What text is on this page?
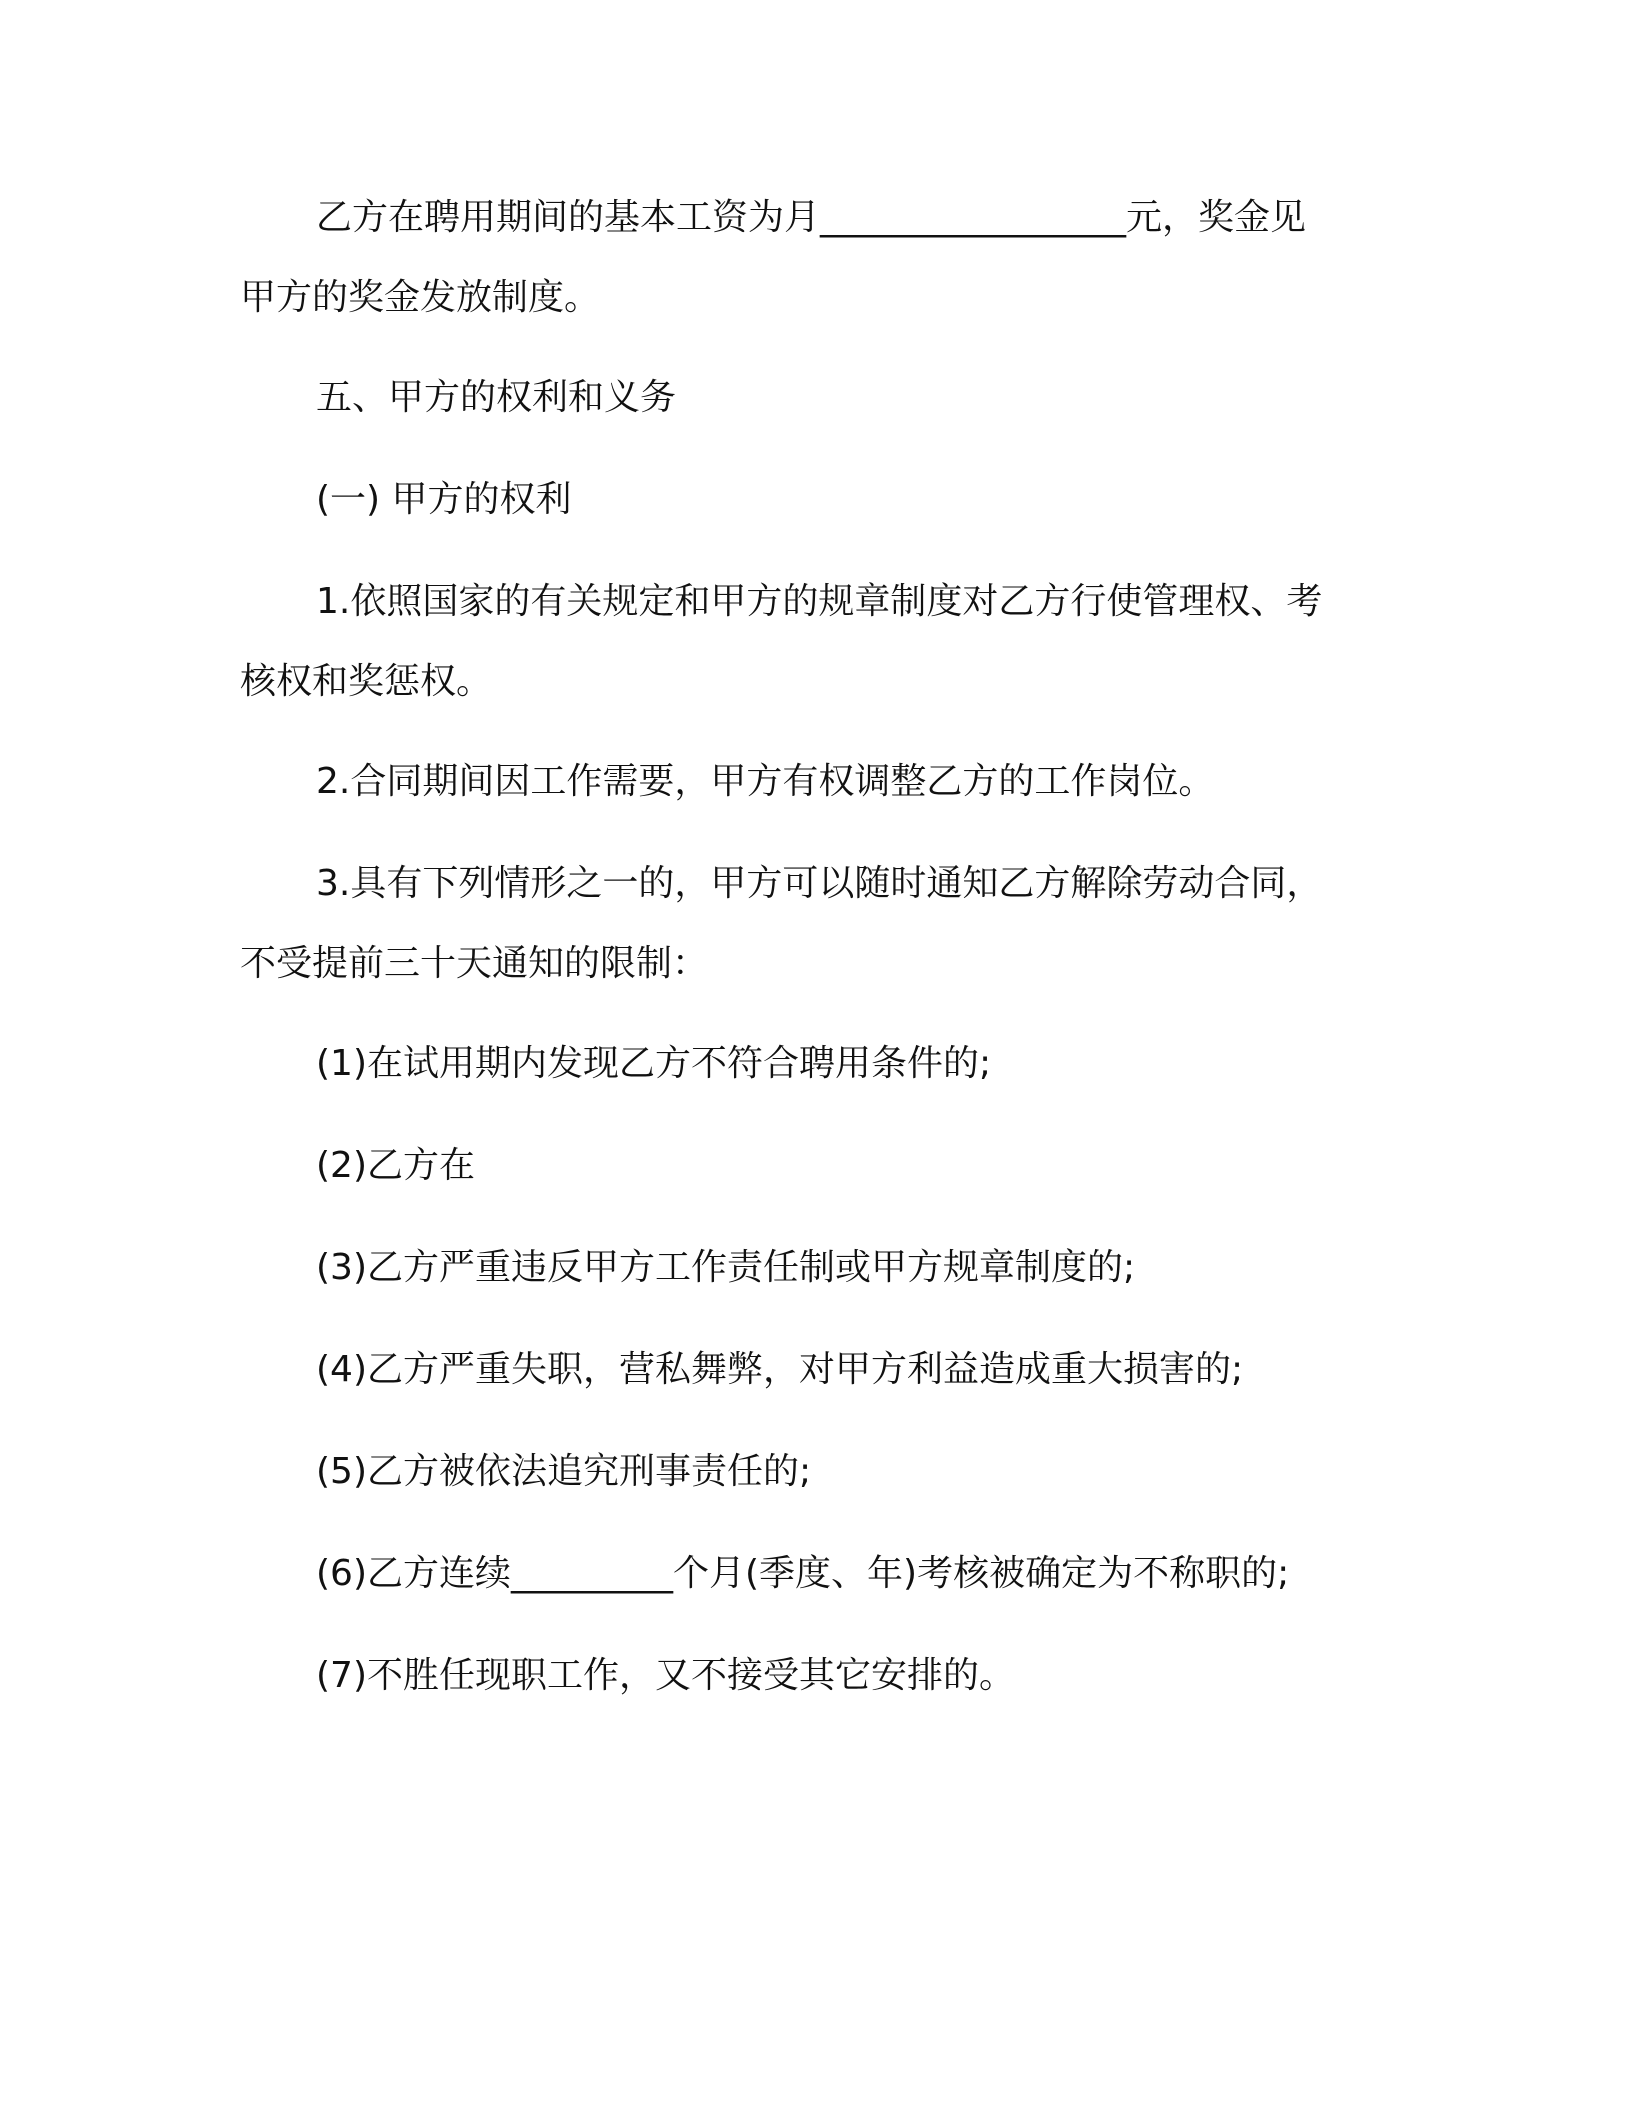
乙方在聘用期间的基本工资为月_________________元，奖金见
甲方的奖金发放制度。
五、甲方的权利和义务
(一) 甲方的权利
1.依照国家的有关规定和甲方的规章制度对乙方行使管理权、考
核权和奖惩权。
2.合同期间因工作需要，甲方有权调整乙方的工作岗位。
3.具有下列情形之一的，甲方可以随时通知乙方解除劳动合同，
不受提前三十天通知的限制：
(1)在试用期内发现乙方不符合聘用条件的;
(2)乙方在
(3)乙方严重违反甲方工作责任制或甲方规章制度的;
(4)乙方严重失职，营私舞弊，对甲方利益造成重大损害的;
(5)乙方被依法追究刑事责任的;
(6)乙方连续_________个月(季度、年)考核被确定为不称职的;
(7)不胜任现职工作，又不接受其它安排的。
